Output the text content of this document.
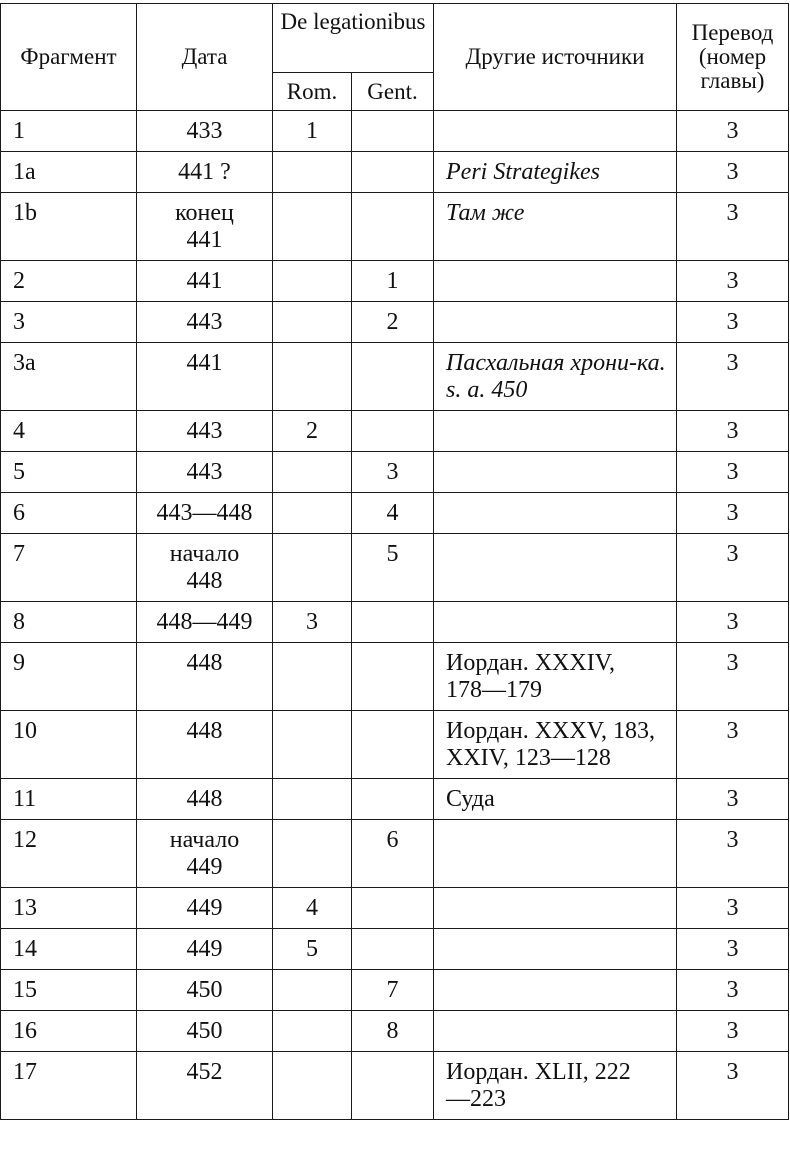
Фрагмент	Дата	De legationibus		Другие источники	Перевод (номер главы)
		Rom.	Gent.		
1	433	1			3
1a	441 ?			Peri Strategikes	3
1b	конец 441			Там же	3
2	441		1		3
3	443		2		3
3a	441			Пасхальная хрони-ка. s. a. 450	3
4	443	2			3
5	443		3		3
6	443—448		4		3
7	начало 448		5		3
8	448—449	3			3
9	448			Иордан. XXXIV, 178—179	3
10	448			Иордан. XXXV, 183, XXIV, 123—128	3
11	448			Суда	3
12	начало 449		6		3
13	449	4			3
14	449	5			3
15	450		7		3
16	450		8		3
17	452			Иордан. XLII, 222—223	3
